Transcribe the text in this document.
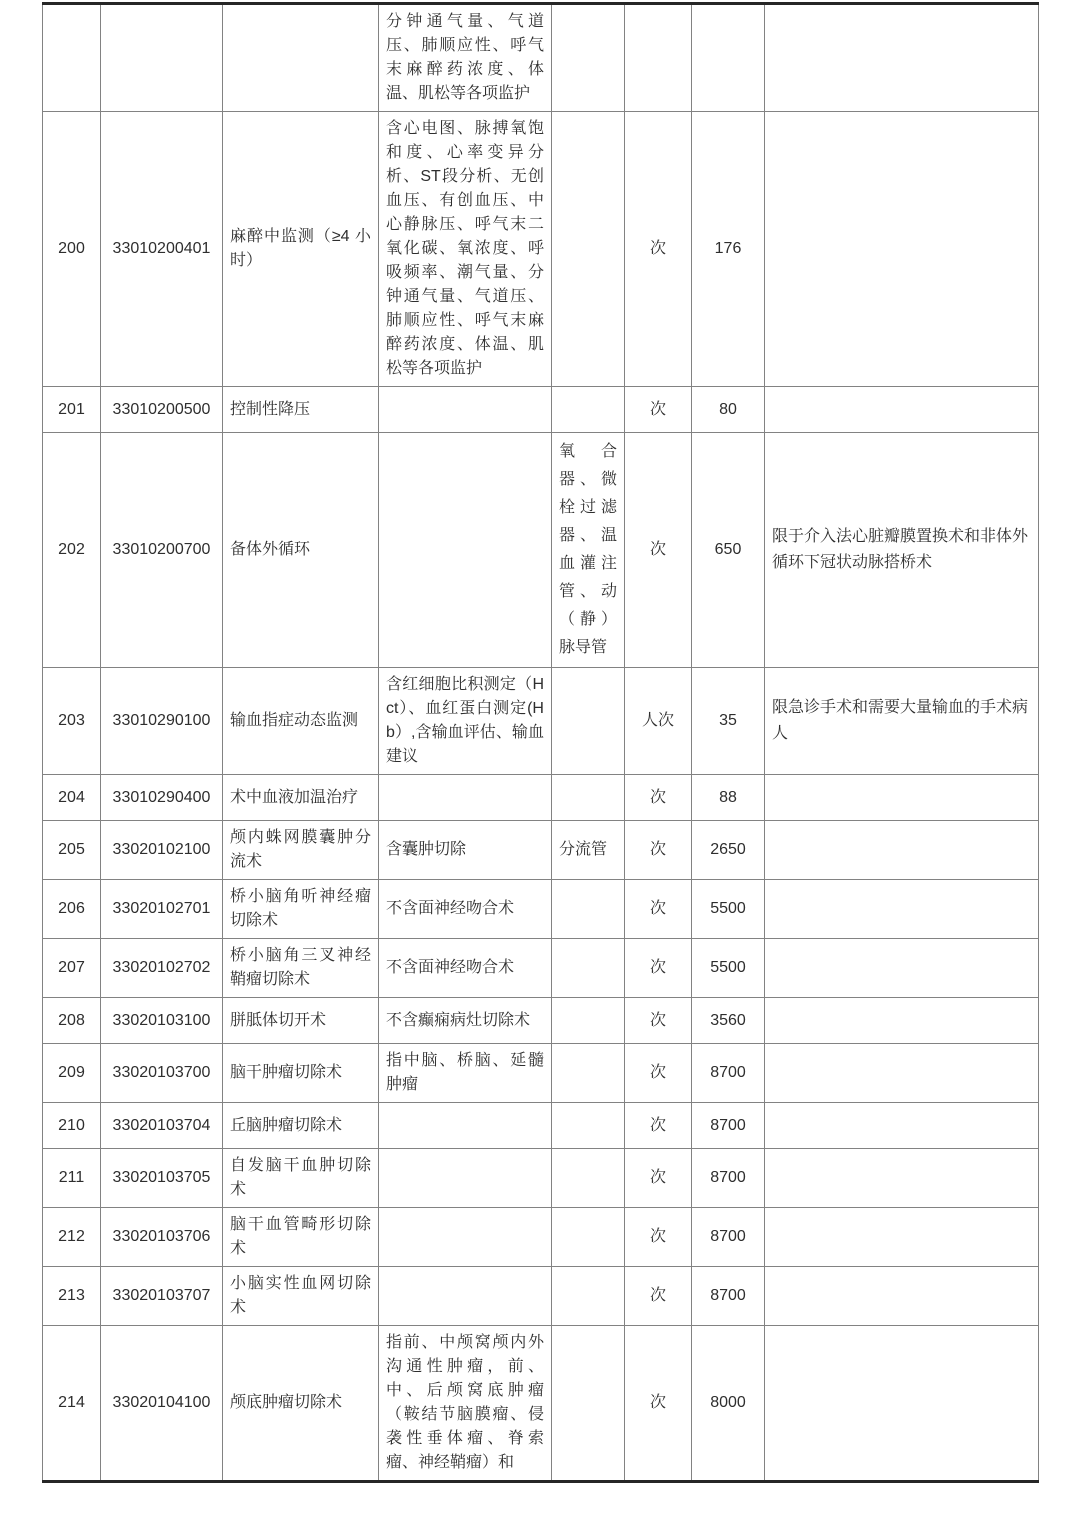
			分钟通气量、气道压、肺顺应性、呼气末麻醉药浓度、体温、肌松等各项监护				
200	33010200401	麻醉中监测（≥4 小时）	含心电图、脉搏氧饱和度、心率变异分析、ST段分析、无创血压、有创血压、中心静脉压、呼气末二氧化碳、氧浓度、呼吸频率、潮气量、分钟通气量、气道压、肺顺应性、呼气末麻醉药浓度、体温、肌松等各项监护		次	176	
201	33010200500	控制性降压			次	80	
202	33010200700	备体外循环		氧合器、微栓过滤器、温血灌注管、动（静）脉导管	次	650	限于介入法心脏瓣膜置换术和非体外循环下冠状动脉搭桥术
203	33010290100	输血指症动态监测	含红细胞比积测定（Hct）、血红蛋白测定(Hb）,含输血评估、输血建议		人次	35	限急诊手术和需要大量输血的手术病人
204	33010290400	术中血液加温治疗			次	88	
205	33020102100	颅内蛛网膜囊肿分流术	含囊肿切除	分流管	次	2650	
206	33020102701	桥小脑角听神经瘤切除术	不含面神经吻合术		次	5500	
207	33020102702	桥小脑角三叉神经鞘瘤切除术	不含面神经吻合术		次	5500	
208	33020103100	胼胝体切开术	不含癫痫病灶切除术		次	3560	
209	33020103700	脑干肿瘤切除术	指中脑、桥脑、延髓肿瘤		次	8700	
210	33020103704	丘脑肿瘤切除术			次	8700	
211	33020103705	自发脑干血肿切除术			次	8700	
212	33020103706	脑干血管畸形切除术			次	8700	
213	33020103707	小脑实性血网切除术			次	8700	
214	33020104100	颅底肿瘤切除术	指前、中颅窝颅内外沟通性肿瘤，前、中、后颅窝底肿瘤（鞍结节脑膜瘤、侵袭性垂体瘤、脊索瘤、神经鞘瘤）和		次	8000	
